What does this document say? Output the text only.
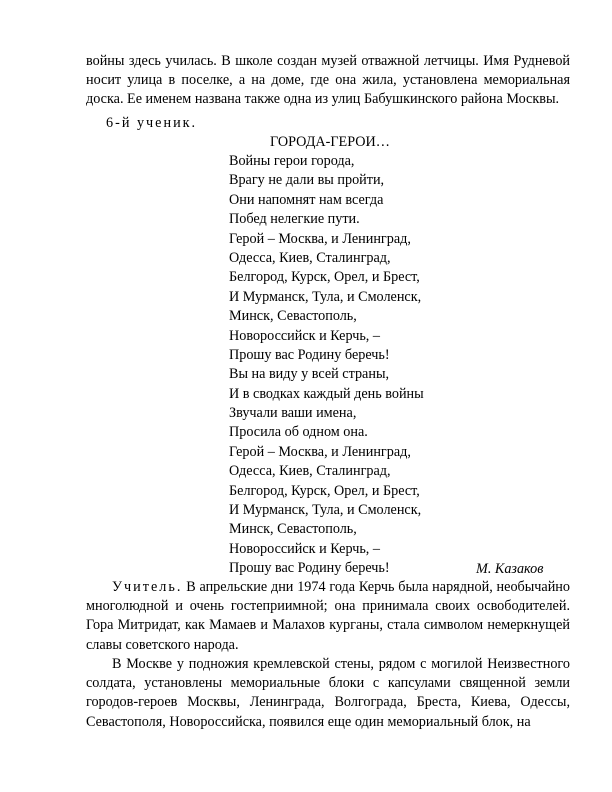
войны здесь училась. В школе создан музей отважной летчицы. Имя Рудневой носит улица в поселке, а на доме, где она жила, установлена мемориальная доска. Ее именем названа также одна из улиц Бабушкинского района Москвы.

6-й ученик.
ГОРОДА-ГЕРОИ…
Войны герои города,
Врагу не дали вы пройти,
Они напомнят нам всегда
Побед нелегкие пути.
Герой – Москва, и Ленинград,
Одесса, Киев, Сталинград,
Белгород, Курск, Орел, и Брест,
И Мурманск, Тула, и Смоленск,
Минск, Севастополь,
Новороссийск и Керчь, –
Прошу вас Родину беречь!
Вы на виду у всей страны,
И в сводках каждый день войны
Звучали ваши имена,
Просила об одном она.
Герой – Москва, и Ленинград,
Одесса, Киев, Сталинград,
Белгород, Курск, Орел, и Брест,
И Мурманск, Тула, и Смоленск,
Минск, Севастополь,
Новороссийск и Керчь, –
Прошу вас Родину беречь!	М. Казаков

Учитель. В апрельские дни 1974 года Керчь была нарядной, необычайно многолюдной и очень гостеприимной; она принимала своих освободителей. Гора Митридат, как Мамаев и Малахов курганы, стала символом немеркнущей славы советского народа.

В Москве у подножия кремлевской стены, рядом с могилой Неизвестного солдата, установлены мемориальные блоки с капсулами священной земли городов-героев Москвы, Ленинграда, Волгограда, Бреста, Киева, Одессы, Севастополя, Новороссийска, появился еще один мемориальный блок, на
